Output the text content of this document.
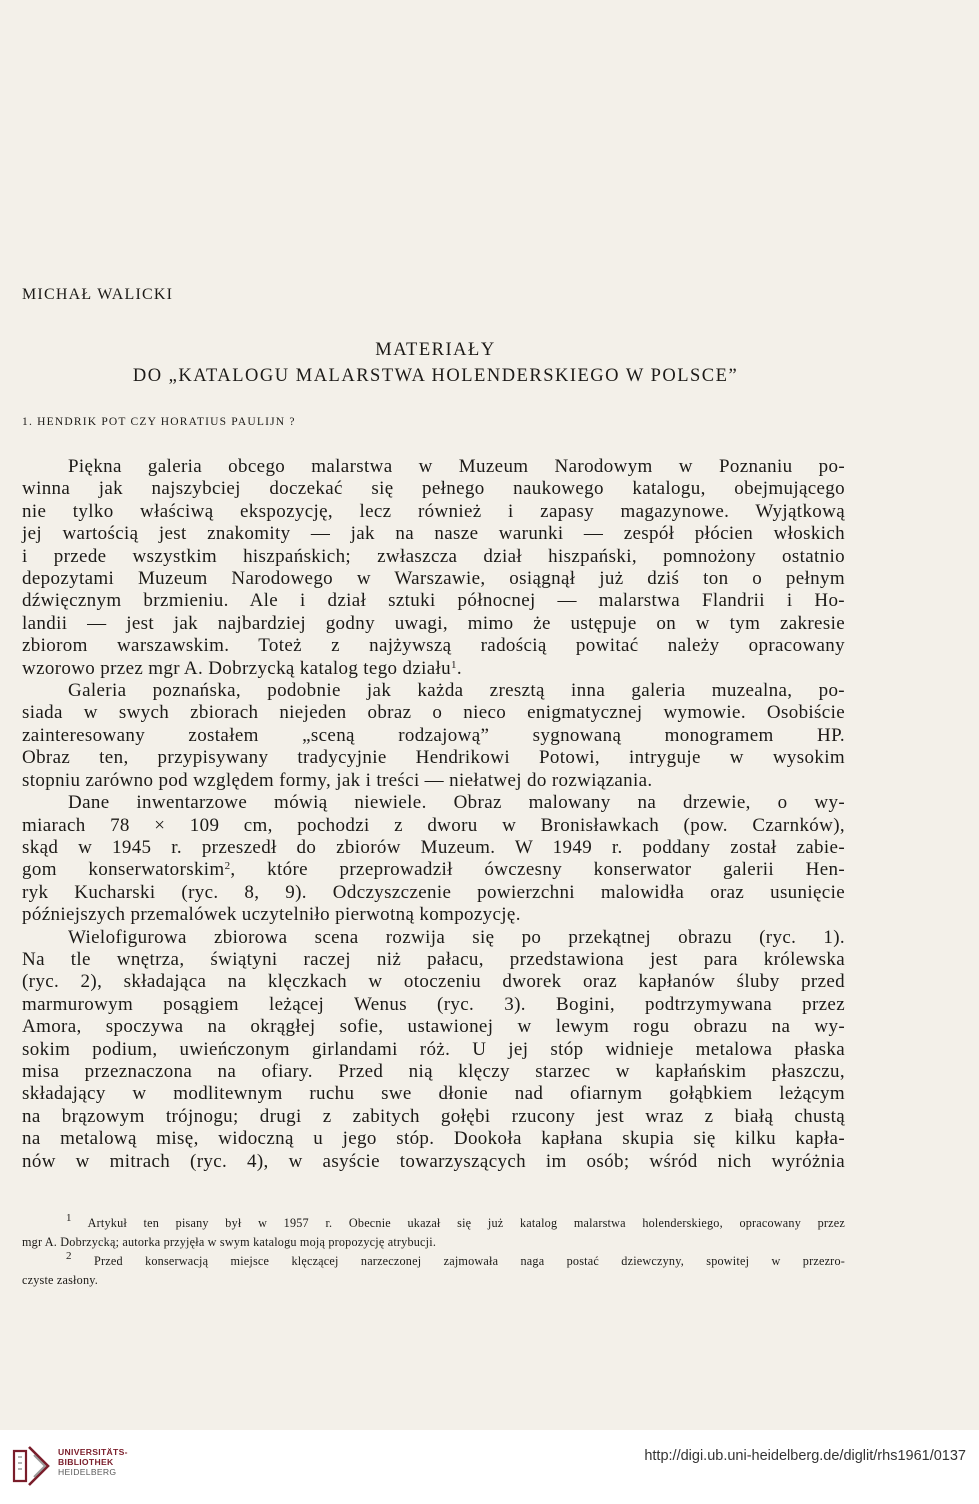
MICHAŁ WALICKI
MATERIAŁY
DO „KATALOGU MALARSTWA HOLENDERSKIEGO W POLSCE”
1. HENDRIK POT CZY HORATIUS PAULIJN ?

Piękna galeria obcego malarstwa w Muzeum Narodowym w Poznaniu po-
winna jak najszybciej doczekać się pełnego naukowego katalogu, obejmującego
nie tylko właściwą ekspozycję, lecz również i zapasy magazynowe. Wyjątkową
jej wartością jest znakomity — jak na nasze warunki — zespół płócien włoskich
i przede wszystkim hiszpańskich; zwłaszcza dział hiszpański, pomnożony ostatnio
depozytami Muzeum Narodowego w Warszawie, osiągnął już dziś ton o pełnym
dźwięcznym brzmieniu. Ale i dział sztuki północnej — malarstwa Flandrii i Ho-
landii — jest jak najbardziej godny uwagi, mimo że ustępuje on w tym zakresie
zbiorom warszawskim. Toteż z najżywszą radością powitać należy opracowany
wzorowo przez mgr A. Dobrzycką katalog tego działu$^1$.

Galeria poznańska, podobnie jak każda zresztą inna galeria muzealna, po-
siada w swych zbiorach niejeden obraz o nieco enigmatycznej wymowie. Osobiście
zainteresowany zostałem „sceną rodzajową” sygnowaną monogramem HP.
Obraz ten, przypisywany tradycyjnie Hendrikowi Potowi, intryguje w wysokim
stopniu zarówno pod względem formy, jak i treści — niełatwej do rozwiązania.

Dane inwentarzowe mówią niewiele. Obraz malowany na drzewie, o wy-
miarach 78 × 109 cm, pochodzi z dworu w Bronisławkach (pow. Czarnków),
skąd w 1945 r. przeszedł do zbiorów Muzeum. W 1949 r. poddany został zabie-
gom konserwatorskim$^2$, które przeprowadził ówczesny konserwator galerii Hen-
ryk Kucharski (ryc. 8, 9). Odczyszczenie powierzchni malowidła oraz usunięcie
późniejszych przemalówek uczytelniło pierwotną kompozycję.

Wielofigurowa zbiorowa scena rozwija się po przekątnej obrazu (ryc. 1).
Na tle wnętrza, świątyni raczej niż pałacu, przedstawiona jest para królewska
(ryc. 2), składająca na klęczkach w otoczeniu dworek oraz kapłanów śluby przed
marmurowym posągiem leżącej Wenus (ryc. 3). Bogini, podtrzymywana przez
Amora, spoczywa na okrągłej sofie, ustawionej w lewym rogu obrazu na wy-
sokim podium, uwieńczonym girlandami róż. U jej stóp widnieje metalowa płaska
misa przeznaczona na ofiary. Przed nią klęczy starzec w kapłańskim płaszczu,
składający w modlitewnym ruchu swe dłonie nad ofiarnym gołąbkiem leżącym
na brązowym trójnogu; drugi z zabitych gołębi rzucony jest wraz z białą chustą
na metalową misę, widoczną u jego stóp. Dookoła kapłana skupia się kilku kapła-
nów w mitrach (ryc. 4), w asyście towarzyszących im osób; wśród nich wyróżnia

$^1$ Artykuł ten pisany był w 1957 r. Obecnie ukazał się już katalog malarstwa holenderskiego, opracowany przez
mgr A. Dobrzycką; autorka przyjęła w swym katalogu moją propozycję atrybucji.
$^2$ Przed konserwacją miejsce klęczącej narzeczonej zajmowała naga postać dziewczyny, spowitej w przezro-
czyste zasłony.
UNIVERSITÄTS-
BIBLIOTHEK
HEIDELBERG
http://digi.ub.uni-heidelberg.de/diglit/rhs1961/0137
